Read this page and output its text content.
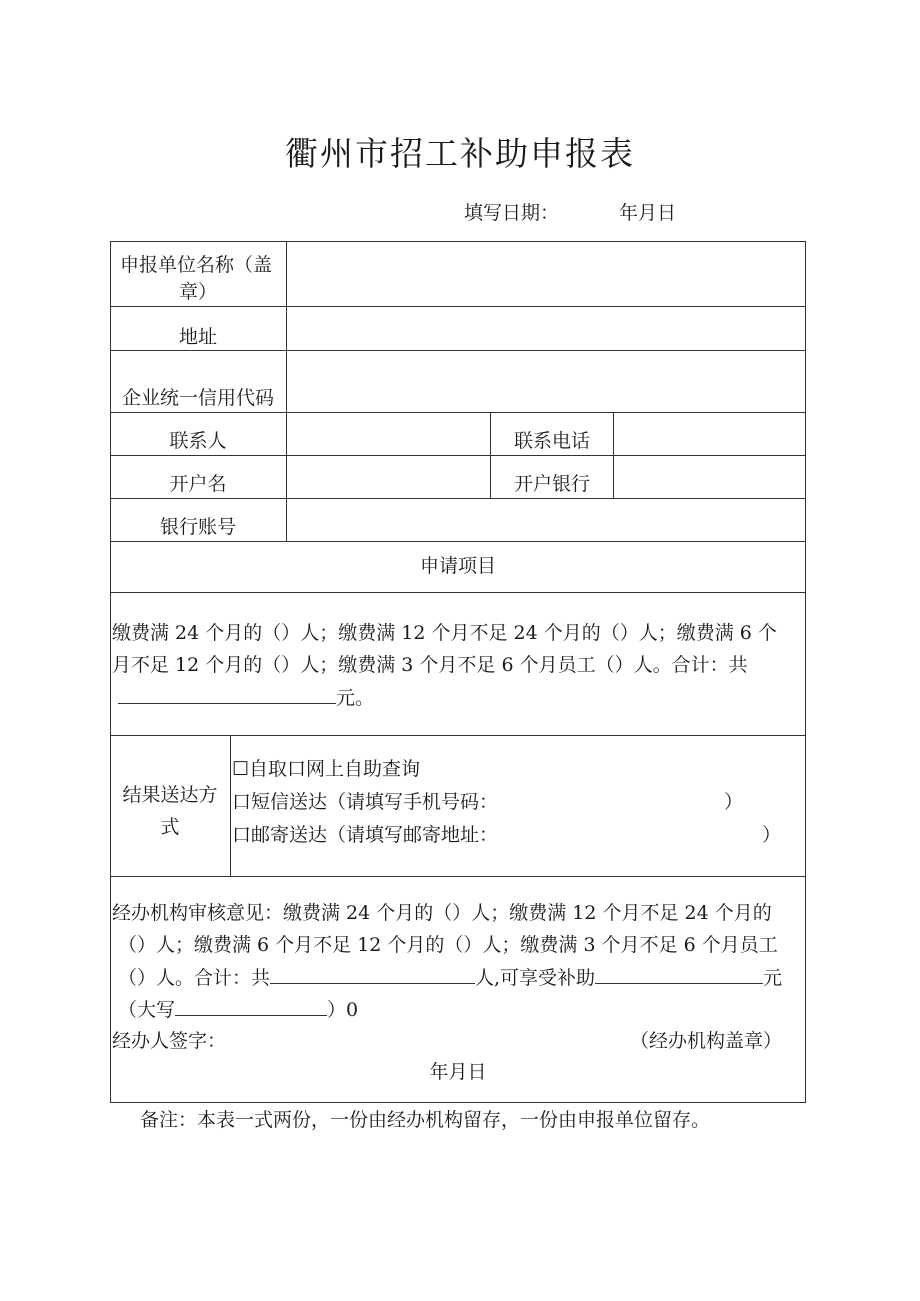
衢州市招工补助申报表
填写日期：	年月日
申报单位名称（盖
章）
地址
企业统一信用代码
联系人	联系电话
开户名	开户银行
银行账号
申请项目
缴费满 24 个月的（）人；缴费满 12 个月不足 24 个月的（）人；缴费满 6 个
月不足 12 个月的（）人；缴费满 3 个月不足 6 个月员工（）人。合计：共
元。
结果送达方
式
☐自取口网上自助查询
口短信送达（请填写手机号码：	）
口邮寄送达（请填写邮寄地址：	）
经办机构审核意见：缴费满 24 个月的（）人；缴费满 12 个月不足 24 个月的
（）人；缴费满 6 个月不足 12 个月的（）人；缴费满 3 个月不足 6 个月员工
（）人。合计：共	人,可享受补助	元
（大写	）0
经办人签字：	（经办机构盖章）
年月日
备注：本表一式两份，一份由经办机构留存，一份由申报单位留存。
